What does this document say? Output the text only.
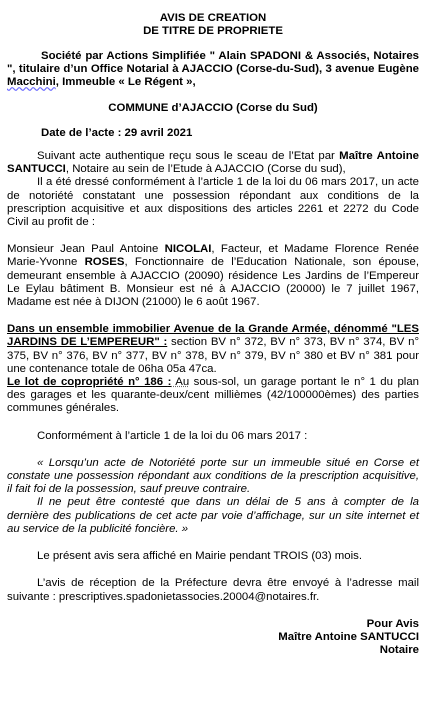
AVIS DE CREATION

DE TITRE DE PROPRIETE

Société par Actions Simplifiée " Alain SPADONI & Associés, Notaires ", titulaire d’un Office Notarial à AJACCIO (Corse-du-Sud), 3 avenue Eugène Macchini, Immeuble « Le Régent »,

COMMUNE d’AJACCIO (Corse du Sud)

Date de l’acte : 29 avril 2021

Suivant acte authentique reçu sous le sceau de l’Etat par Maître Antoine SANTUCCI, Notaire au sein de l’Etude à AJACCIO (Corse du sud),

Il a été dressé conformément à l’article 1 de la loi du 06 mars 2017, un acte de notoriété constatant une possession répondant aux conditions de la prescription acquisitive et aux dispositions des articles 2261 et 2272 du Code Civil au profit de :

Monsieur Jean Paul Antoine NICOLAI, Facteur, et Madame Florence Renée Marie-Yvonne ROSES, Fonctionnaire de l’Education Nationale, son épouse, demeurant ensemble à AJACCIO (20090) résidence Les Jardins de l’Empereur Le Eylau bâtiment B. Monsieur est né à AJACCIO (20000) le 7 juillet 1967, Madame est née à DIJON (21000) le 6 août 1967.

Dans un ensemble immobilier Avenue de la Grande Armée, dénommé "LES JARDINS DE L’EMPEREUR" : section BV n° 372, BV n° 373, BV n° 374, BV n° 375, BV n° 376, BV n° 377, BV n° 378, BV n° 379, BV n° 380 et BV n° 381 pour une contenance totale de 06ha 05a 47ca.

Le lot de copropriété n° 186 : Au sous-sol, un garage portant le n° 1 du plan des garages et les quarante-deux/cent millièmes (42/100000èmes) des parties communes générales.

Conformément à l’article 1 de la loi du 06 mars 2017 :

« Lorsqu’un acte de Notoriété porte sur un immeuble situé en Corse et constate une possession répondant aux conditions de la prescription acquisitive, il fait foi de la possession, sauf preuve contraire.

Il ne peut être contesté que dans un délai de 5 ans à compter de la dernière des publications de cet acte par voie d’affichage, sur un site internet et au service de la publicité foncière. »

Le présent avis sera affiché en Mairie pendant TROIS (03) mois.

L’avis de réception de la Préfecture devra être envoyé à l’adresse mail suivante : prescriptives.spadonietassocies.20004@notaires.fr.

Pour Avis

Maître Antoine SANTUCCI

Notaire
